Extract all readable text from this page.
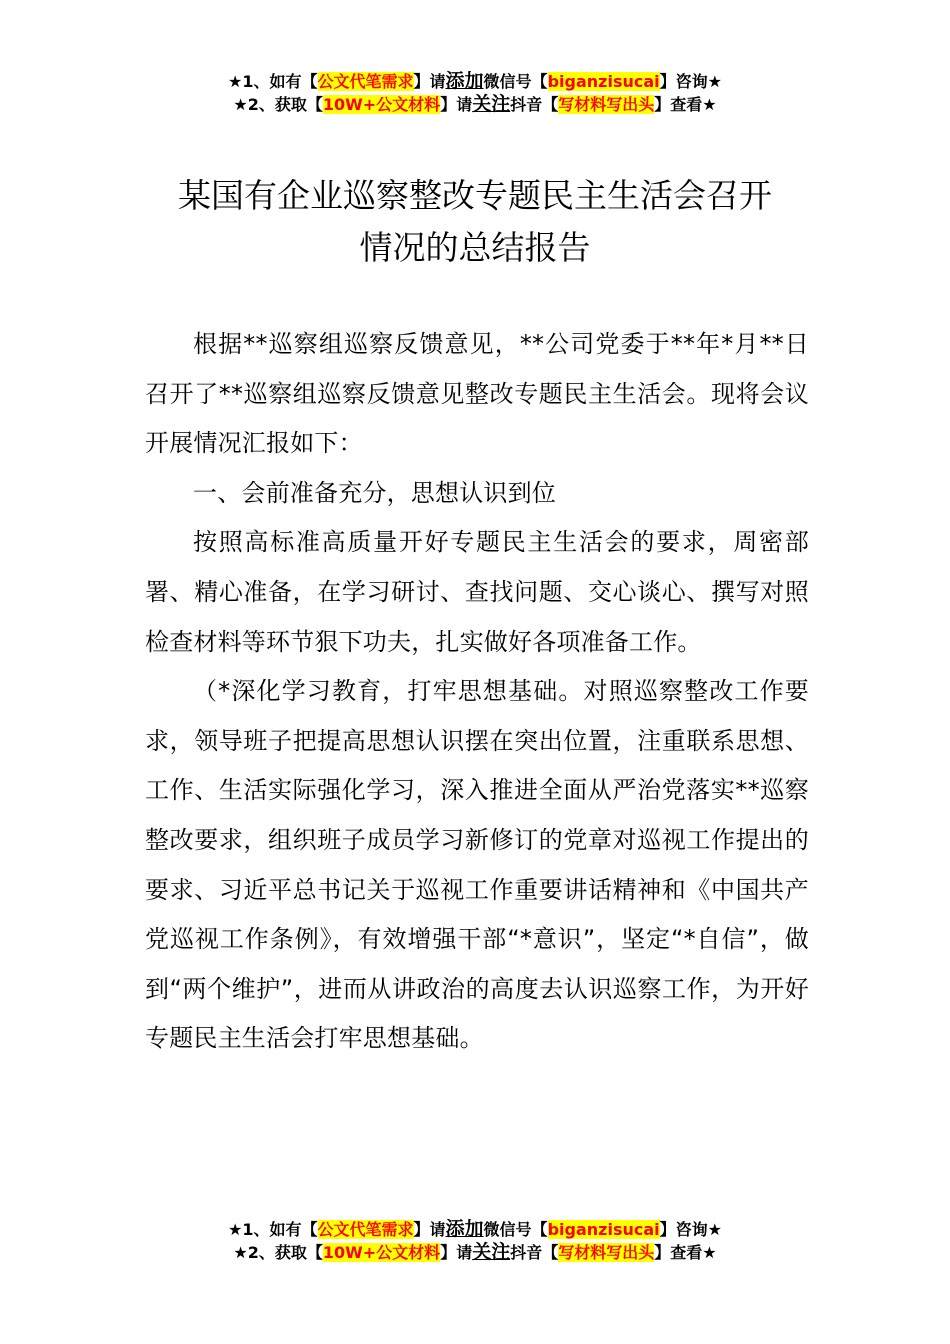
★1、如有【公文代笔需求】请添加微信号【biganzisucai】咨询★
★2、获取【10W+公文材料】请关注抖音【写材料写出头】查看★
某国有企业巡察整改专题民主生活会召开
情况的总结报告

根据**巡察组巡察反馈意见，**公司党委于**年*月**日召开了**巡察组巡察反馈意见整改专题民主生活会。现将会议开展情况汇报如下：

一、会前准备充分，思想认识到位

按照高标准高质量开好专题民主生活会的要求，周密部署、精心准备，在学习研讨、查找问题、交心谈心、撰写对照检查材料等环节狠下功夫，扎实做好各项准备工作。

（*深化学习教育，打牢思想基础。对照巡察整改工作要求，领导班子把提高思想认识摆在突出位置，注重联系思想、工作、生活实际强化学习，深入推进全面从严治党落实**巡察整改要求，组织班子成员学习新修订的党章对巡视工作提出的要求、习近平总书记关于巡视工作重要讲话精神和《中国共产党巡视工作条例》，有效增强干部“*意识”，坚定“*自信”，做到“两个维护”，进而从讲政治的高度去认识巡察工作，为开好专题民主生活会打牢思想基础。

★1、如有【公文代笔需求】请添加微信号【biganzisucai】咨询★
★2、获取【10W+公文材料】请关注抖音【写材料写出头】查看★
